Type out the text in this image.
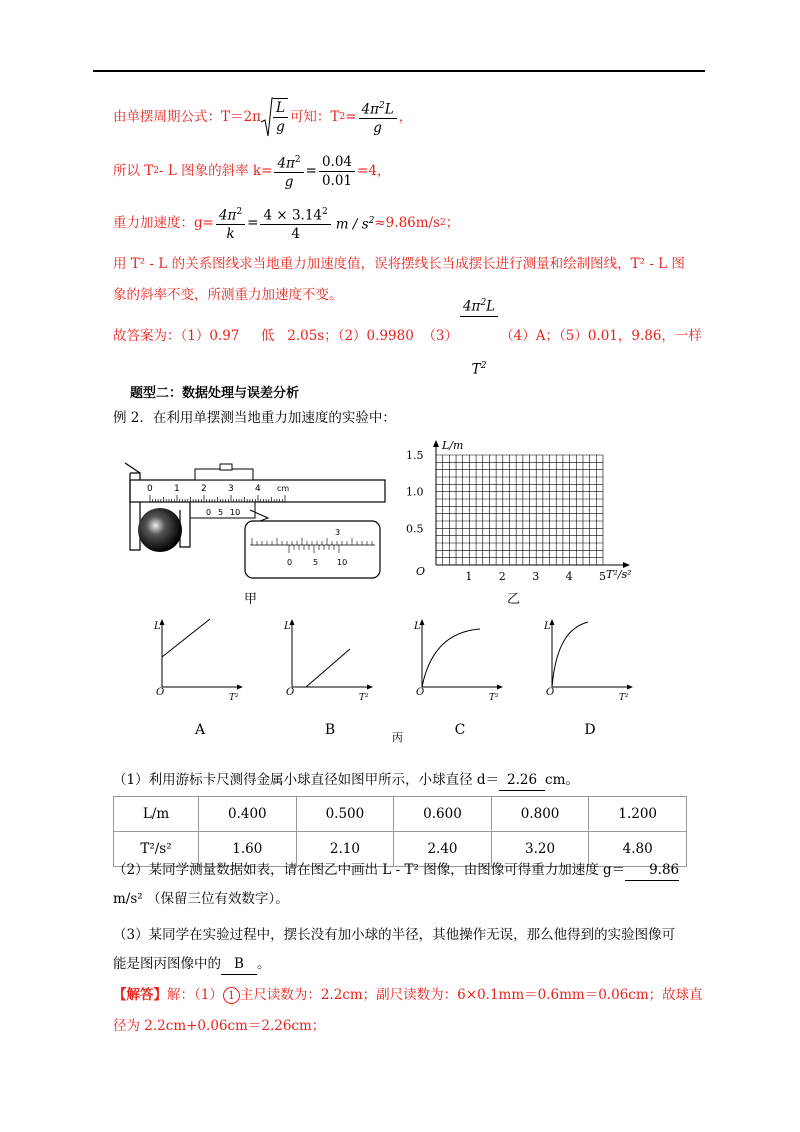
由单摆周期公式：$T=2\pi \frac{L}{g}$ 可知：T $2 = \frac{4\pi^2L}{g}$ ，
所以 T 2 - L 图象的斜率 $k= \frac{4\pi^2}{g} = \frac{0.04}{0.01} =4$，
重力加速度：$g= \frac{4\pi^2}{k} = \frac{4 \times 3.14^2}{4}$ $m / s^2 \approx 9.86m/s$ 2 ；
用 T² - L 的关系图线求当地重力加速度值，误将摆线长当成摆长进行测量和绘制图线，T² - L 图
象的斜率不变，所测重力加速度不变。
故答案为：（1）0.97     低   2.05s；（2）0.9980  （3）

$\frac{4\pi^2L}{T^2}$

（4）A；（5）0.01，9.86，一样
题型二：数据处理与误差分析
例 2．在利用单摆测当地重力加速度的实验中：
0 1 2 3 4 cm
0 5 10
3
0	5 10
甲
L/m
T²/s²
O
1.5
1.0
0.5
1 2 3 4 5
乙
L
O	T²
A
L
O	T²
B
L
O	T²
C
L
O	T²
D
丙
（1）利用游标卡尺测得金属小球直径如图甲所示，小球直径 d＝ 2.26 cm。
L/m	0.400	0.500	0.600	0.800	1.200
T²/s²	1.60	2.10	2.40	3.20	4.80
（2）某同学测量数据如表，请在图乙中画出 L - T² 图像，由图像可得重力加速度 g＝ 9.86
m/s² （保留三位有效数字）。
（3）某同学在实验过程中，摆长没有加小球的半径，其他操作无误，那么他得到的实验图像可
能是图丙图像中的 B 。
【解答】解：（1） 1 主尺读数为：2.2cm；副尺读数为：6×0.1mm＝0.6mm＝0.06cm；故球直
径为 2.2cm+0.06cm＝2.26cm；
